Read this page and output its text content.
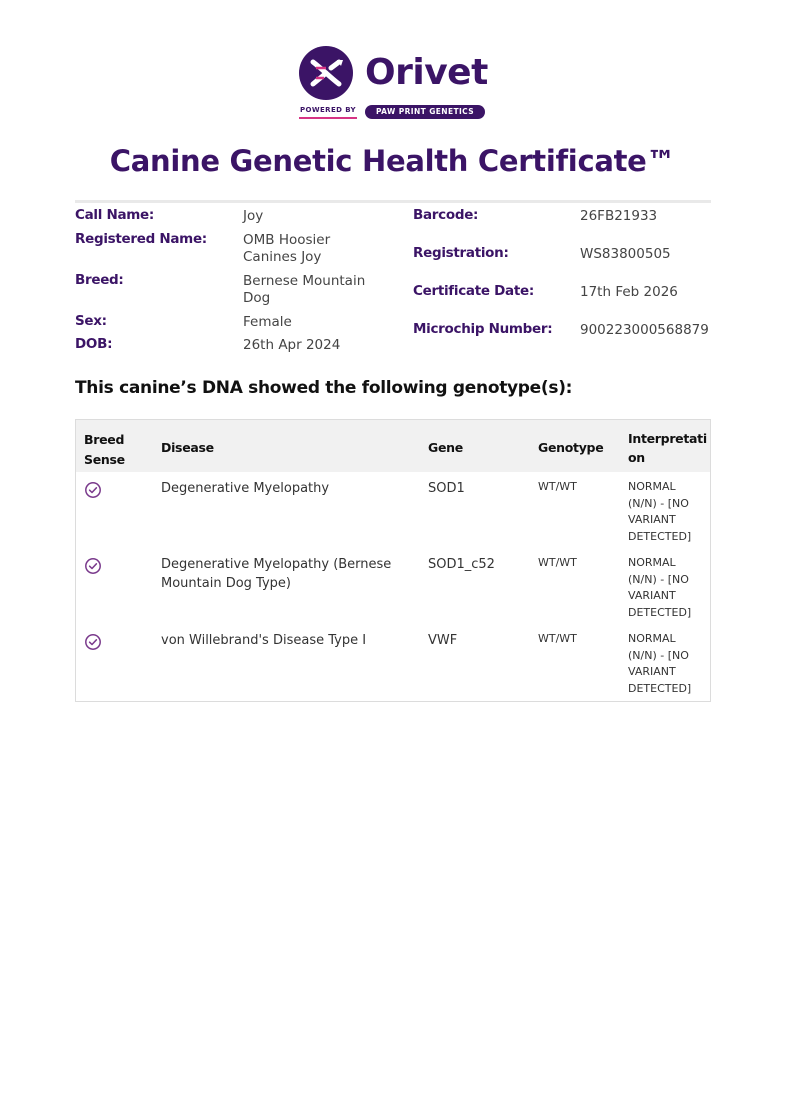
Orivet
POWERED BY	PAW PRINT GENETICS
Canine Genetic Health Certificate™
Call Name:	Joy
Registered Name:	OMB Hoosier
Canines Joy
Breed:	Bernese Mountain
Dog
Sex:	Female
DOB:	26th Apr 2024
Barcode:	26FB21933
Registration:	WS83800505
Certificate Date:	17th Feb 2026
Microchip Number: 900223000568879
This canine’s DNA showed the following genotype(s):
Breed
Sense
Disease	Gene	Genotype
Interpretati
on
Degenerative Myelopathy	SOD1	WT/WT	NORMAL
(N/N) - [NO
VARIANT
DETECTED]
Degenerative Myelopathy (Bernese
Mountain Dog Type)
SOD1_c52	WT/WT	NORMAL
(N/N) - [NO
VARIANT
DETECTED]
von Willebrand's Disease Type I	VWF	WT/WT	NORMAL
(N/N) - [NO
VARIANT
DETECTED]
